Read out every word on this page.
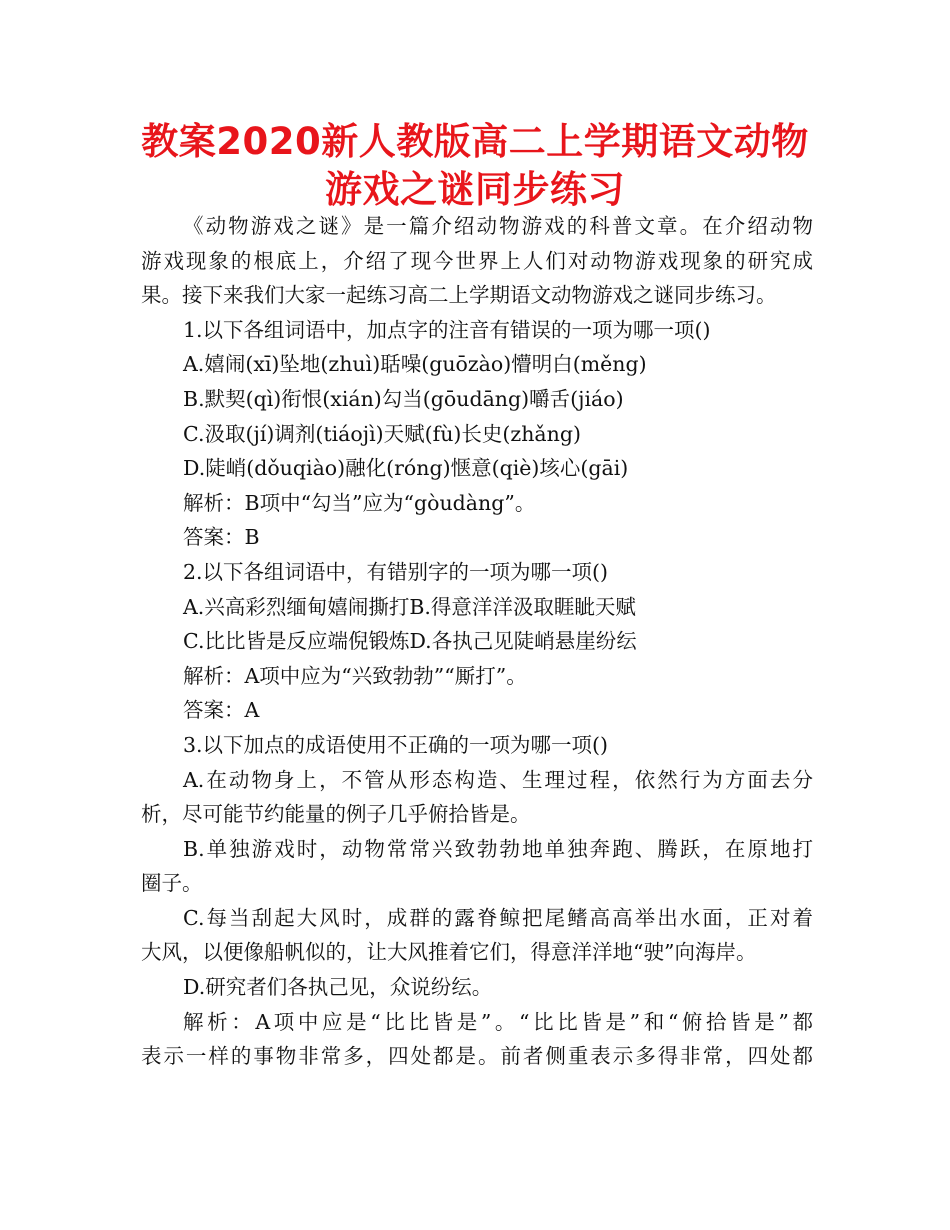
教案2020新人教版高二上学期语文动物游戏之谜同步练习
《动物游戏之谜》是一篇介绍动物游戏的科普文章。在介绍动物
游戏现象的根底上，介绍了现今世界上人们对动物游戏现象的研究成
果。接下来我们大家一起练习高二上学期语文动物游戏之谜同步练习。
1.以下各组词语中，加点字的注音有错误的一项为哪一项()
A.嬉闹(xī)坠地(zhuì)聒噪(guōzào)懵明白(měng)
B.默契(qì)衔恨(xián)勾当(gōudāng)嚼舌(jiáo)
C.汲取(jí)调剂(tiáojì)天赋(fù)长史(zhǎng)
D.陡峭(dǒuqiào)融化(róng)惬意(qiè)垓心(gāi)
解析：B项中“勾当”应为“gòudàng”。
答案：B
2.以下各组词语中，有错别字的一项为哪一项()
A.兴高彩烈缅甸嬉闹撕打B.得意洋洋汲取睚眦天赋
C.比比皆是反应端倪锻炼D.各执己见陡峭悬崖纷纭
解析：A项中应为“兴致勃勃”“厮打”。
答案：A
3.以下加点的成语使用不正确的一项为哪一项()
A.在动物身上，不管从形态构造、生理过程，依然行为方面去分
析，尽可能节约能量的例子几乎俯拾皆是。
B.单独游戏时，动物常常兴致勃勃地单独奔跑、腾跃，在原地打
圈子。
C.每当刮起大风时，成群的露脊鲸把尾鳍高高举出水面，正对着
大风，以便像船帆似的，让大风推着它们，得意洋洋地“驶”向海岸。
D.研究者们各执己见，众说纷纭。
解析：A项中应是“比比皆是”。“比比皆是”和“俯拾皆是”都
表示一样的事物非常多，四处都是。前者侧重表示多得非常，四处都
